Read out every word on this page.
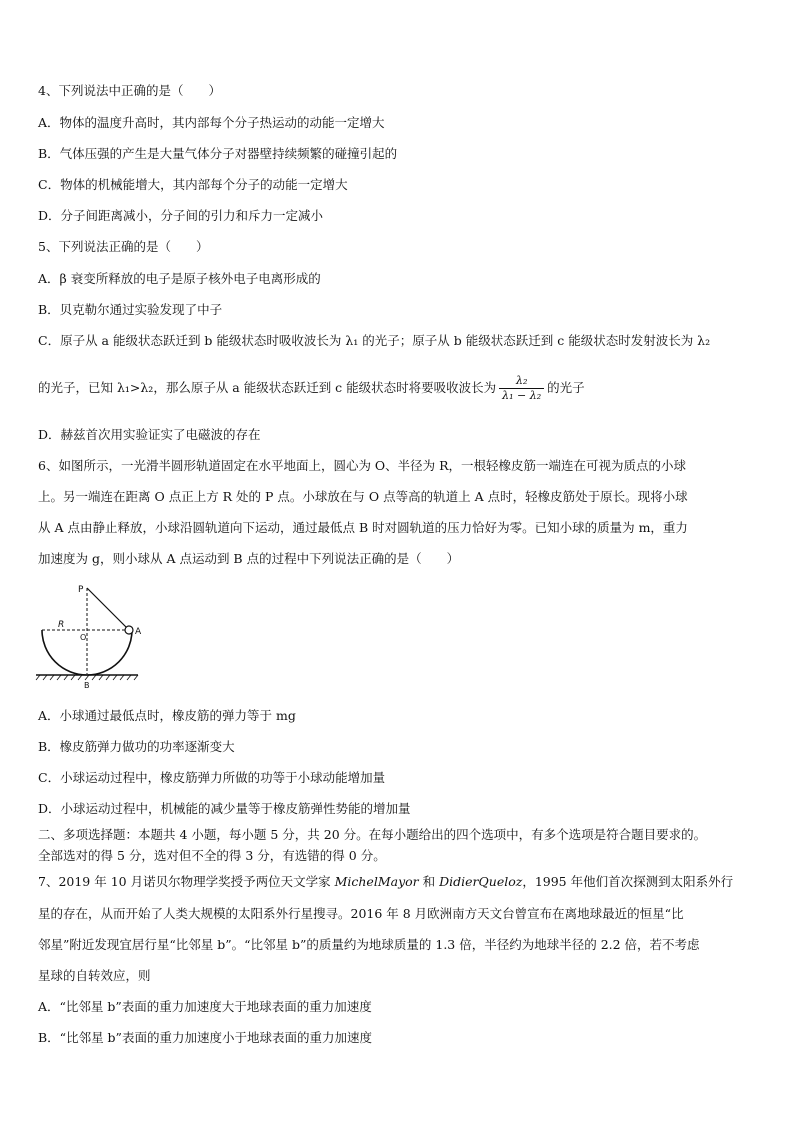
4、下列说法中正确的是（　　）
A．物体的温度升高时，其内部每个分子热运动的动能一定增大
B．气体压强的产生是大量气体分子对器壁持续频繁的碰撞引起的
C．物体的机械能增大，其内部每个分子的动能一定增大
D．分子间距离减小，分子间的引力和斥力一定减小
5、下列说法正确的是（　　）
A．β 衰变所释放的电子是原子核外电子电离形成的
B．贝克勒尔通过实验发现了中子
C．原子从 a 能级状态跃迁到 b 能级状态时吸收波长为 λ₁ 的光子；原子从 b 能级状态跃迁到 c 能级状态时发射波长为 λ₂
的光子，已知 λ₁>λ₂，那么原子从 a 能级状态跃迁到 c 能级状态时将要吸收波长为 $\frac{\text{λ₂}}{\text{λ₁ − λ₂}}$ 的光子
D．赫兹首次用实验证实了电磁波的存在
6、如图所示，一光滑半圆形轨道固定在水平地面上，圆心为 O、半径为 R，一根轻橡皮筋一端连在可视为质点的小球
上。另一端连在距离 O 点正上方 R 处的 P 点。小球放在与 O 点等高的轨道上 A 点时，轻橡皮筋处于原长。现将小球
从 A 点由静止释放，小球沿圆轨道向下运动，通过最低点 B 时对圆轨道的压力恰好为零。已知小球的质量为 m，重力
加速度为 g，则小球从 A 点运动到 B 点的过程中下列说法正确的是（　　）
P
R
O
A
B
A．小球通过最低点时，橡皮筋的弹力等于 mg
B．橡皮筋弹力做功的功率逐渐变大
C．小球运动过程中，橡皮筋弹力所做的功等于小球动能增加量
D．小球运动过程中，机械能的减少量等于橡皮筋弹性势能的增加量
二、多项选择题：本题共 4 小题，每小题 5 分，共 20 分。在每小题给出的四个选项中，有多个选项是符合题目要求的。
全部选对的得 5 分，选对但不全的得 3 分，有选错的得 0 分。
7、2019 年 10 月诺贝尔物理学奖授予两位天文学家 MichelMayor 和 DidierQueloz，1995 年他们首次探测到太阳系外行
星的存在，从而开始了人类大规模的太阳系外行星搜寻。2016 年 8 月欧洲南方天文台曾宣布在离地球最近的恒星“比
邻星”附近发现宜居行星“比邻星 b”。“比邻星 b”的质量约为地球质量的 1.3 倍，半径约为地球半径的 2.2 倍，若不考虑
星球的自转效应，则
A．“比邻星 b”表面的重力加速度大于地球表面的重力加速度
B．“比邻星 b”表面的重力加速度小于地球表面的重力加速度
